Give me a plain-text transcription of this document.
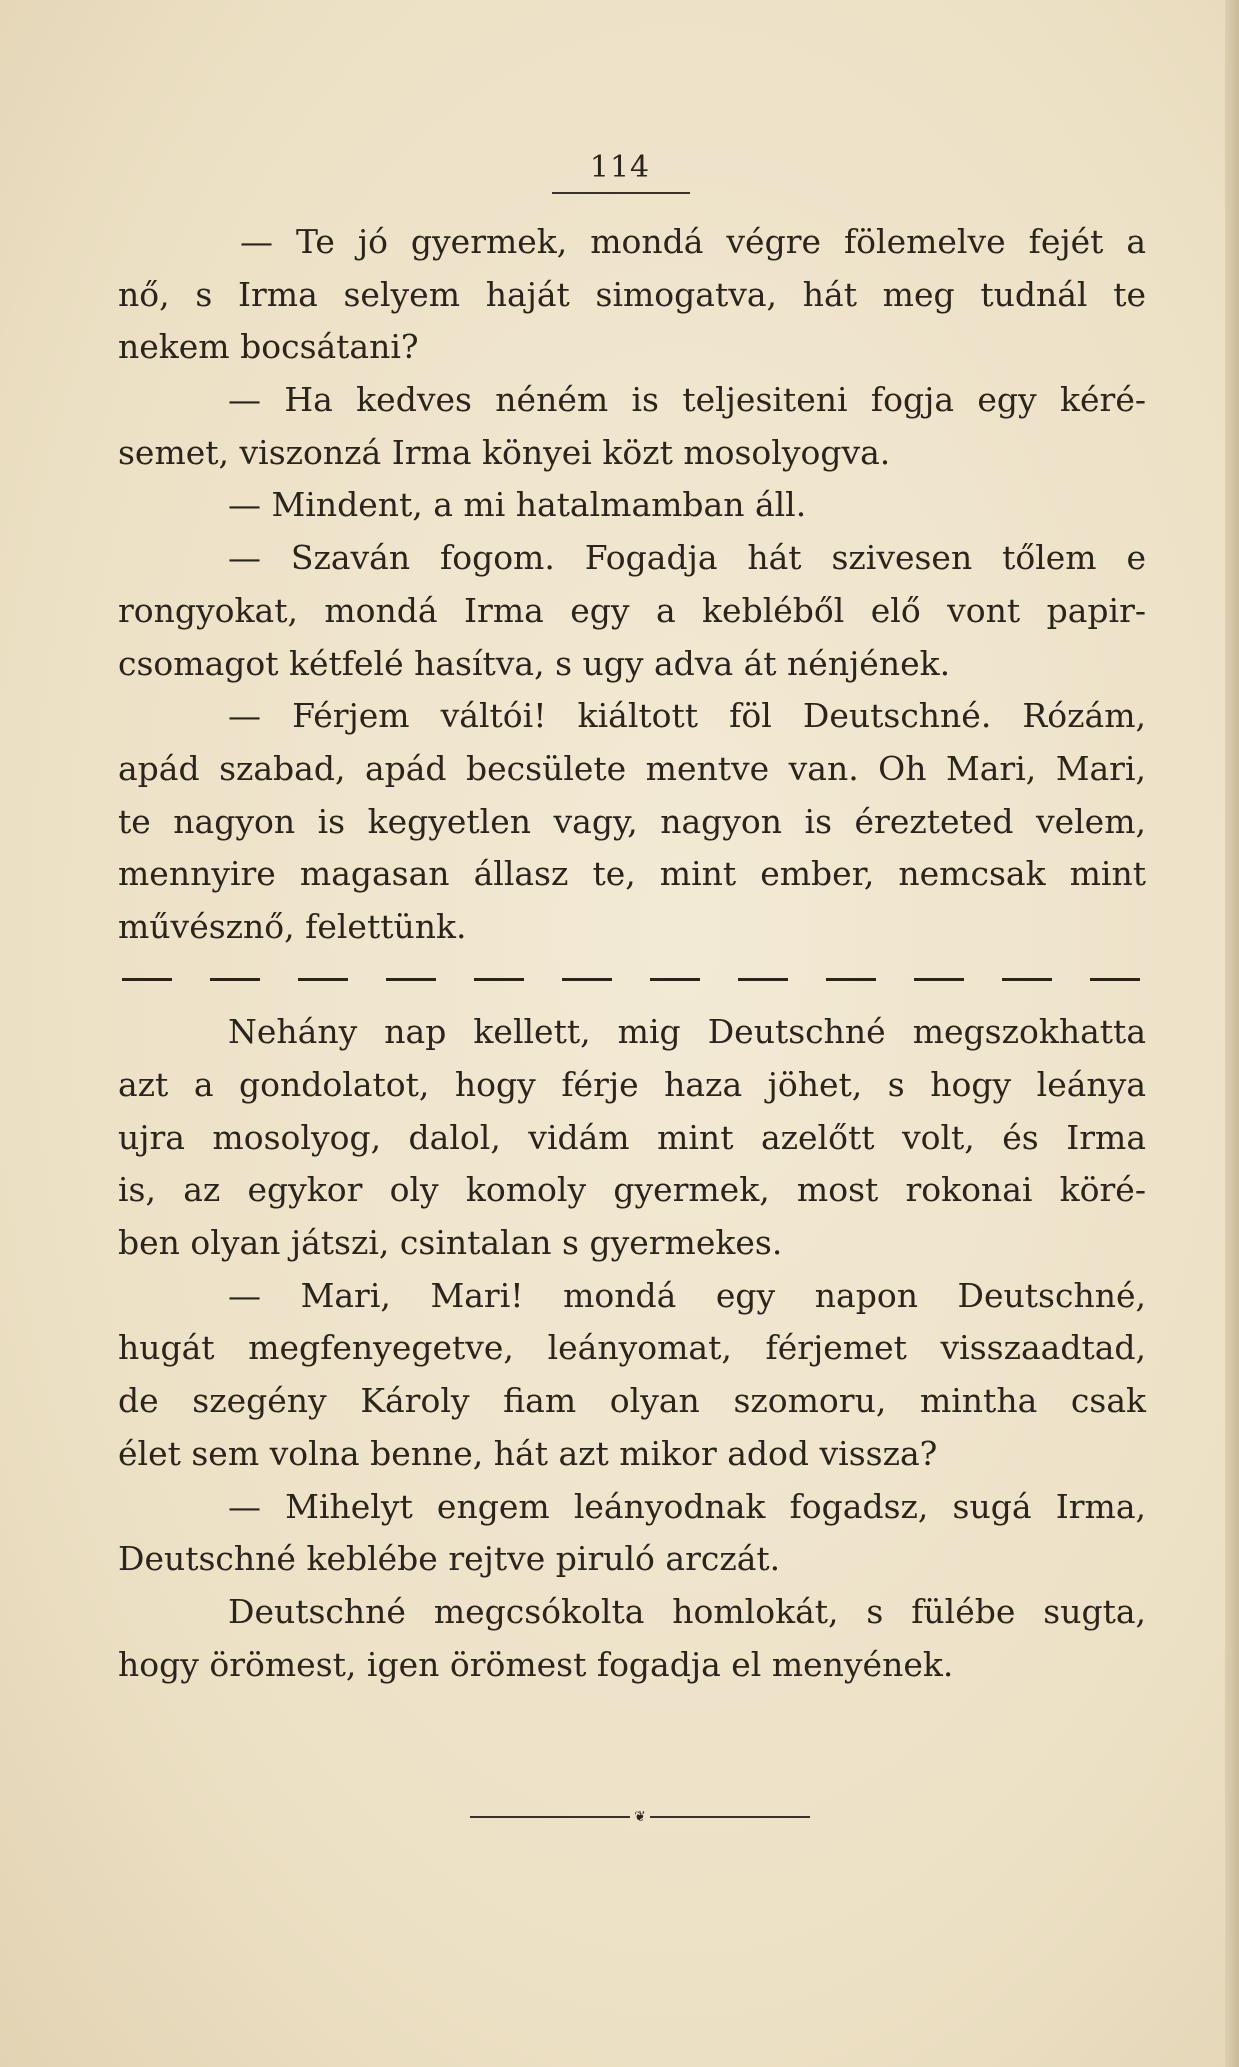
114
— Te jó gyermek, mondá végre fölemelve fejét a
nő, s Irma selyem haját simogatva, hát meg tudnál te
nekem bocsátani?
— Ha kedves néném is teljesiteni fogja egy kéré-
semet, viszonzá Irma könyei közt mosolyogva.
— Mindent, a mi hatalmamban áll.
— Szaván fogom. Fogadja hát szivesen tőlem e
rongyokat, mondá Irma egy a kebléből elő vont papir-
csomagot kétfelé hasítva, s ugy adva át nénjének.
— Férjem váltói! kiáltott föl Deutschné. Rózám,
apád szabad, apád becsülete mentve van. Oh Mari, Mari,
te nagyon is kegyetlen vagy, nagyon is érezteted velem,
mennyire magasan állasz te, mint ember, nemcsak mint
művésznő, felettünk.
Nehány nap kellett, mig Deutschné megszokhatta
azt a gondolatot, hogy férje haza jöhet, s hogy leánya
ujra mosolyog, dalol, vidám mint azelőtt volt, és Irma
is, az egykor oly komoly gyermek, most rokonai köré-
ben olyan játszi, csintalan s gyermekes.
— Mari, Mari! mondá egy napon Deutschné,
hugát megfenyegetve, leányomat, férjemet visszaadtad,
de szegény Károly fiam olyan szomoru, mintha csak
élet sem volna benne, hát azt mikor adod vissza?
— Mihelyt engem leányodnak fogadsz, sugá Irma,
Deutschné keblébe rejtve piruló arczát.
Deutschné megcsókolta homlokát, s fülébe sugta,
hogy örömest, igen örömest fogadja el menyének.
❦
